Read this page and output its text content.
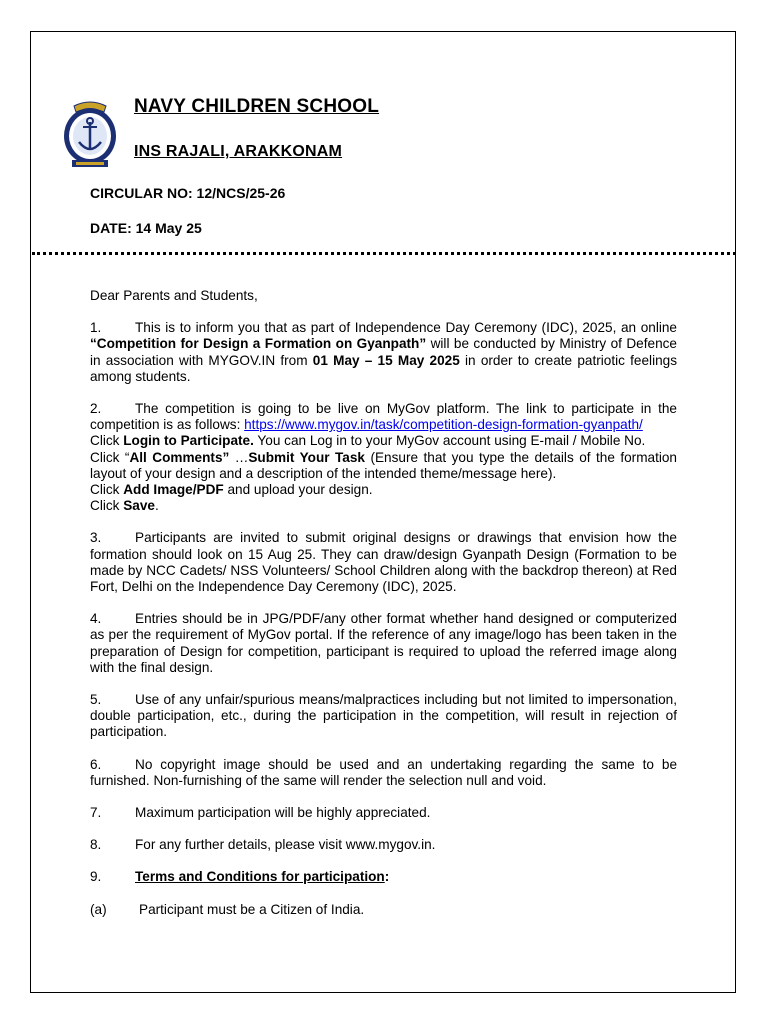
NAVY CHILDREN SCHOOL
INS RAJALI, ARAKKONAM
CIRCULAR NO: 12/NCS/25-26
DATE: 14 May 25

Dear Parents and Students,

1. This is to inform you that as part of Independence Day Ceremony (IDC), 2025, an online “Competition for Design a Formation on Gyanpath” will be conducted by Ministry of Defence in association with MYGOV.IN from 01 May – 15 May 2025 in order to create patriotic feelings among students.

2. The competition is going to be live on MyGov platform. The link to participate in the competition is as follows: https://www.mygov.in/task/competition-design-formation-gyanpath/
Click Login to Participate. You can Log in to your MyGov account using E-mail / Mobile No.
Click “All Comments” …Submit Your Task (Ensure that you type the details of the formation layout of your design and a description of the intended theme/message here).
Click Add Image/PDF and upload your design.
Click Save.

3. Participants are invited to submit original designs or drawings that envision how the formation should look on 15 Aug 25. They can draw/design Gyanpath Design (Formation to be made by NCC Cadets/ NSS Volunteers/ School Children along with the backdrop thereon) at Red Fort, Delhi on the Independence Day Ceremony (IDC), 2025.

4. Entries should be in JPG/PDF/any other format whether hand designed or computerized as per the requirement of MyGov portal. If the reference of any image/logo has been taken in the preparation of Design for competition, participant is required to upload the referred image along with the final design.

5. Use of any unfair/spurious means/malpractices including but not limited to impersonation, double participation, etc., during the participation in the competition, will result in rejection of participation.

6. No copyright image should be used and an undertaking regarding the same to be furnished. Non-furnishing of the same will render the selection null and void.

7. Maximum participation will be highly appreciated.

8. For any further details, please visit www.mygov.in.

9. Terms and Conditions for participation:

(a) Participant must be a Citizen of India.
